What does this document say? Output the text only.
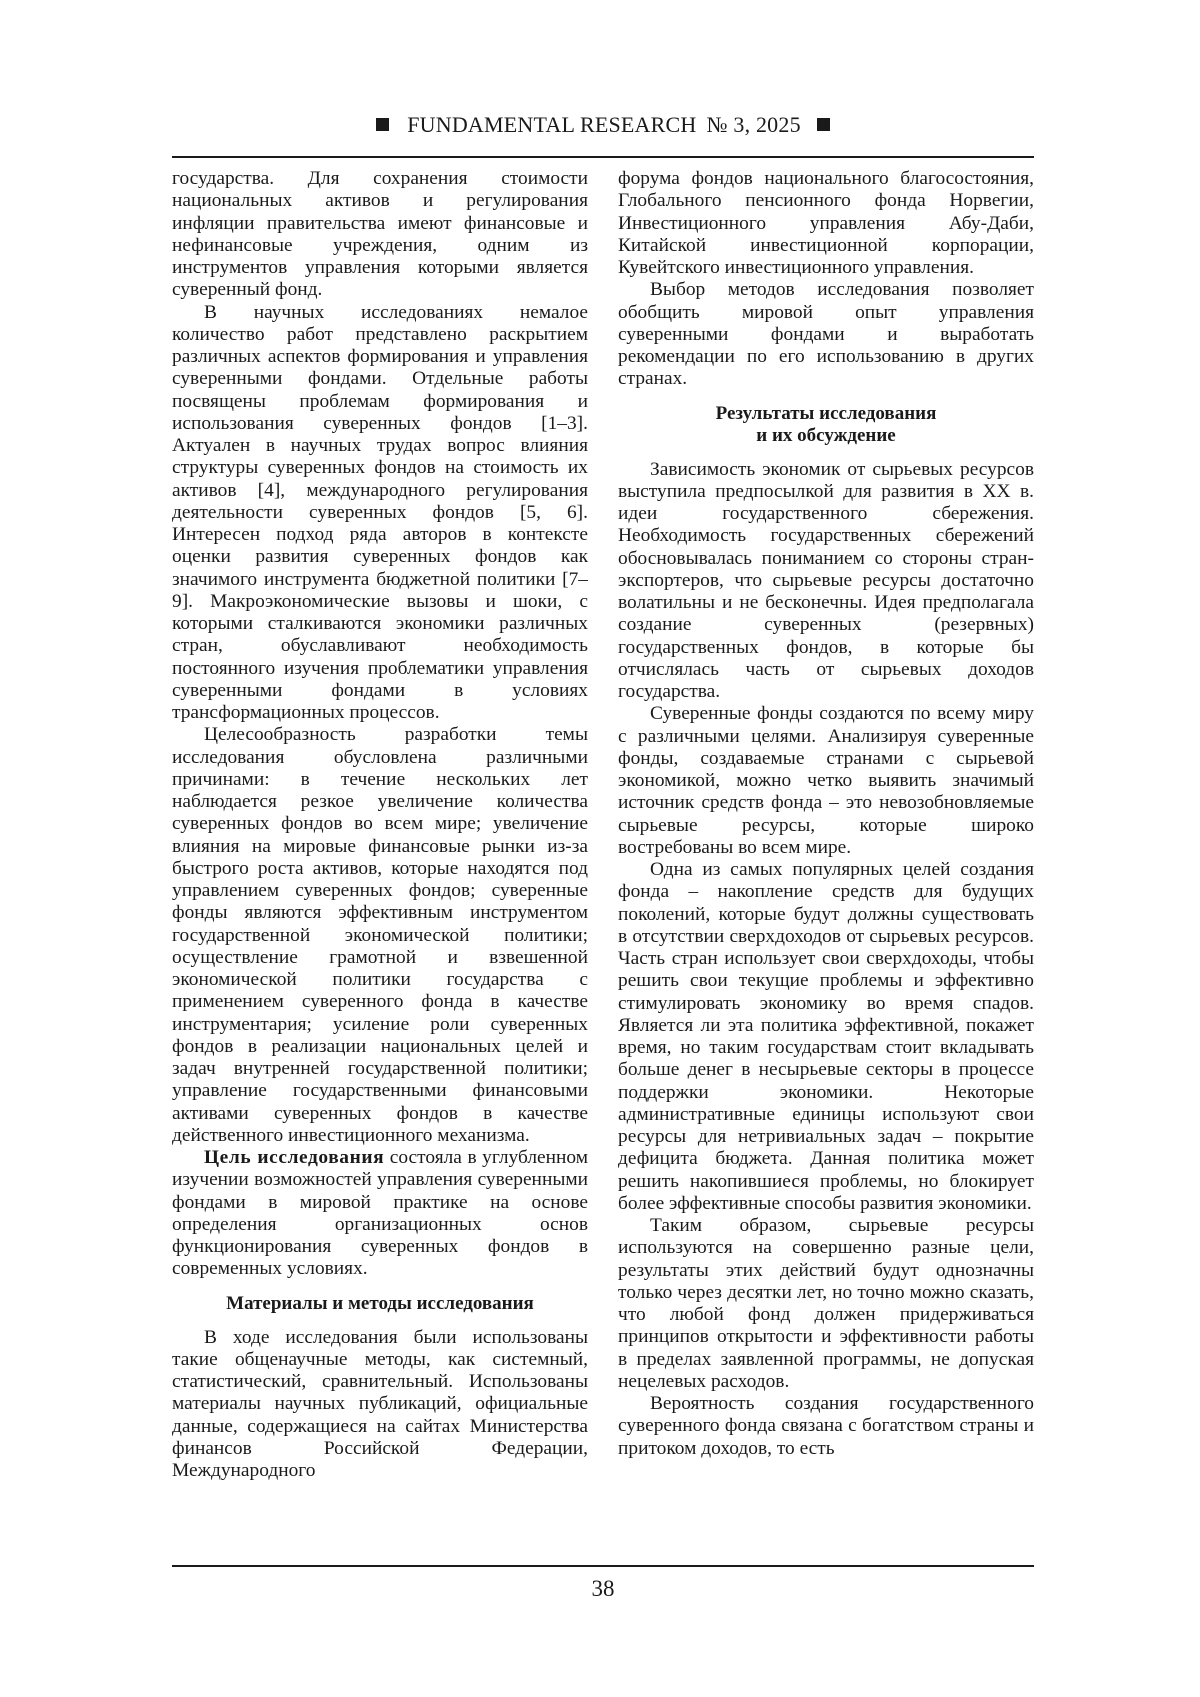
FUNDAMENTAL RESEARCH № 3, 2025

государства. Для сохранения стоимости национальных активов и регулирования инфляции правительства имеют финансовые и нефинансовые учреждения, одним из инструментов управления которыми является суверенный фонд.

В научных исследованиях немалое количество работ представлено раскрытием различных аспектов формирования и управления суверенными фондами. Отдельные работы посвящены проблемам формирования и использования суверенных фондов [1–3]. Актуален в научных трудах вопрос влияния структуры суверенных фондов на стоимость их активов [4], международного регулирования деятельности суверенных фондов [5, 6]. Интересен подход ряда авторов в контексте оценки развития суверенных фондов как значимого инструмента бюджетной политики [7–9]. Макроэкономические вызовы и шоки, с которыми сталкиваются экономики различных стран, обуславливают необходимость постоянного изучения проблематики управления суверенными фондами в условиях трансформационных процессов.

Целесообразность разработки темы исследования обусловлена различными причинами: в течение нескольких лет наблюдается резкое увеличение количества суверенных фондов во всем мире; увеличение влияния на мировые финансовые рынки из-за быстрого роста активов, которые находятся под управлением суверенных фондов; суверенные фонды являются эффективным инструментом государственной экономической политики; осуществление грамотной и взвешенной экономической политики государства с применением суверенного фонда в качестве инструментария; усиление роли суверенных фондов в реализации национальных целей и задач внутренней государственной политики; управление государственными финансовыми активами суверенных фондов в качестве действенного инвестиционного механизма.

Цель исследования состояла в углубленном изучении возможностей управления суверенными фондами в мировой практике на основе определения организационных основ функционирования суверенных фондов в современных условиях.

Материалы и методы исследования

В ходе исследования были использованы такие общенаучные методы, как системный, статистический, сравнительный. Использованы материалы научных публикаций, официальные данные, содержащиеся на сайтах Министерства финансов Российской Федерации, Международного

форума фондов национального благосостояния, Глобального пенсионного фонда Норвегии, Инвестиционного управления Абу-Даби, Китайской инвестиционной корпорации, Кувейтского инвестиционного управления.

Выбор методов исследования позволяет обобщить мировой опыт управления суверенными фондами и выработать рекомендации по его использованию в других странах.

Результаты исследования
и их обсуждение

Зависимость экономик от сырьевых ресурсов выступила предпосылкой для развития в XX в. идеи государственного сбережения. Необходимость государственных сбережений обосновывалась пониманием со стороны стран-экспортеров, что сырьевые ресурсы достаточно волатильны и не бесконечны. Идея предполагала создание суверенных (резервных) государственных фондов, в которые бы отчислялась часть от сырьевых доходов государства.

Суверенные фонды создаются по всему миру с различными целями. Анализируя суверенные фонды, создаваемые странами с сырьевой экономикой, можно четко выявить значимый источник средств фонда – это невозобновляемые сырьевые ресурсы, которые широко востребованы во всем мире.

Одна из самых популярных целей создания фонда – накопление средств для будущих поколений, которые будут должны существовать в отсутствии сверхдоходов от сырьевых ресурсов. Часть стран использует свои сверхдоходы, чтобы решить свои текущие проблемы и эффективно стимулировать экономику во время спадов. Является ли эта политика эффективной, покажет время, но таким государствам стоит вкладывать больше денег в несырьевые секторы в процессе поддержки экономики. Некоторые административные единицы используют свои ресурсы для нетривиальных задач – покрытие дефицита бюджета. Данная политика может решить накопившиеся проблемы, но блокирует более эффективные способы развития экономики.

Таким образом, сырьевые ресурсы используются на совершенно разные цели, результаты этих действий будут однозначны только через десятки лет, но точно можно сказать, что любой фонд должен придерживаться принципов открытости и эффективности работы в пределах заявленной программы, не допуская нецелевых расходов.

Вероятность создания государственного суверенного фонда связана с богатством страны и притоком доходов, то есть

38
